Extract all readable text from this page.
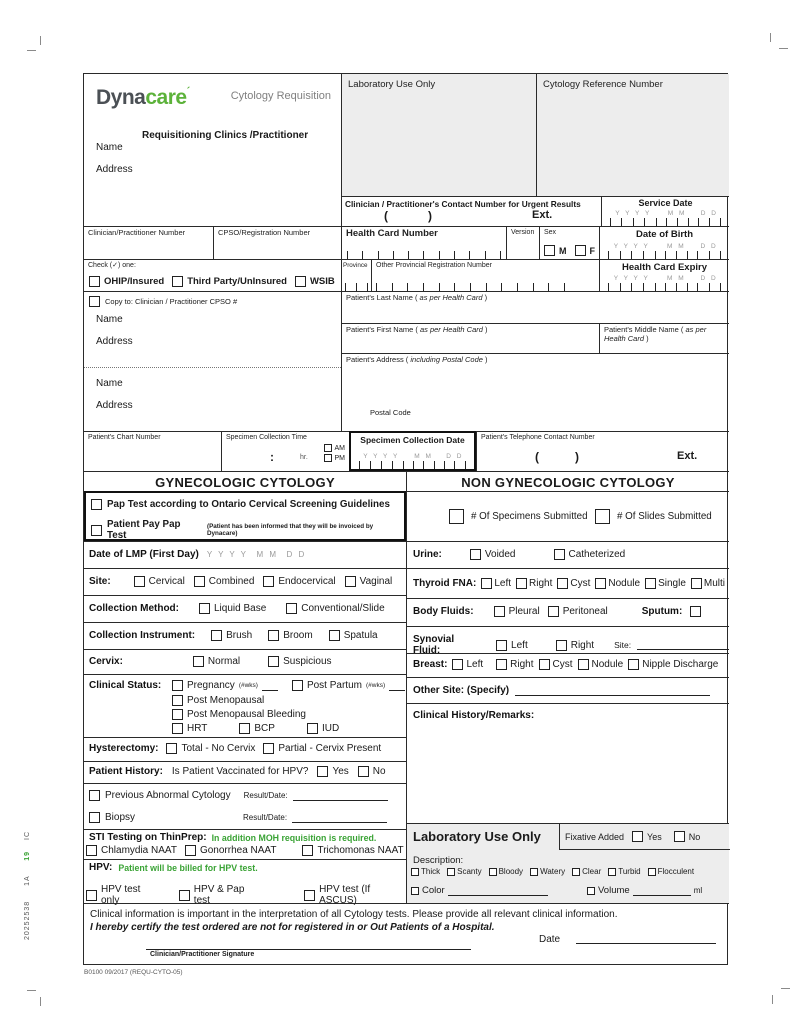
20252538 1A 19 IC
Dynacare´	Cytology Requisition
Requisitioning Clinics /Practitioner
Name
Address
Laboratory Use Only	Cytology Reference Number
Clinician / Practitioner's Contact Number for Urgent Results
(	)	Ext.
Service Date
Y Y Y Y	M M	D D
Clinician/Practitioner Number	CPSO/Registration Number	Health Card Number	Version	Sex
M	F
Date of Birth
Y Y Y Y	M M	D D
Check (✓) one:
OHIP/Insured Third Party/UnInsured WSIB
Province	Other Provincial Registration Number	Health Card Expiry
Y Y Y Y	M M	D D
Copy to: Clinician / Practitioner CPSO #
Name
Address
Name
Address
Patient's Last Name ( as per Health Card )
Patient's First Name ( as per Health Card )	Patient's Middle Name ( as per Health Card )
Patient's Address ( including Postal Code )
Postal Code
Patient's Chart Number	Specimen Collection Time
:	hr.
AM
PM
Specimen Collection Date
Y Y Y Y	M M	D D
Patient's Telephone Contact Number
(	)	Ext.
GYNECOLOGIC CYTOLOGY	NON GYNECOLOGIC CYTOLOGY
Pap Test according to Ontario Cervical Screening Guidelines
Patient Pay Pap Test
(Patient has been informed that they will be invoiced by Dynacare)
# Of Specimens Submitted	# Of Slides Submitted
Date of LMP (First Day) Y Y Y Y M M D D
Site:	Cervical Combined Endocervical Vaginal
Collection Method:	Liquid Base	Conventional/Slide
Collection Instrument:	Brush	Broom	Spatula
Cervix:	Normal	Suspicious
Clinical Status:	Pregnancy (#wks)	Post Partum (#wks)
Post Menopausal
Post Menopausal Bleeding
HRT	BCP	IUD
Hysterectomy: Total - No Cervix Partial - Cervix Present
Patient History: Is Patient Vaccinated for HPV? Yes No
Previous Abnormal Cytology Result/Date:
Biopsy	Result/Date:
STI Testing on ThinPrep: In addition MOH requisition is required.
Chlamydia NAAT Gonorrhea NAAT	Trichomonas NAAT
HPV: Patient will be billed for HPV test.
HPV test only
HPV & Pap test
HPV test (If ASCUS)
Urine:	Voided	Catheterized
Thyroid FNA: Left Right Cyst Nodule Single Multi
Body Fluids:	Pleural Peritoneal	Sputum:
Synovial Fluid:	Left	Right Site:
Breast: Left	Right Cyst Nodule Nipple Discharge
Other Site: (Specify)
Clinical History/Remarks:
Laboratory Use Only	Fixative Added	Yes	No
Description:
Thick Scanty Bloody Watery Clear Turbid Flocculent
Color	Volume	ml
Clinical information is important in the interpretation of all Cytology tests. Please provide all relevant clinical information.
I hereby certify the test ordered are not for registered in or Out Patients of a Hospital.
Clinician/Practitioner Signature
Date
B0100 09/2017 (REQU-CYTO-05)
